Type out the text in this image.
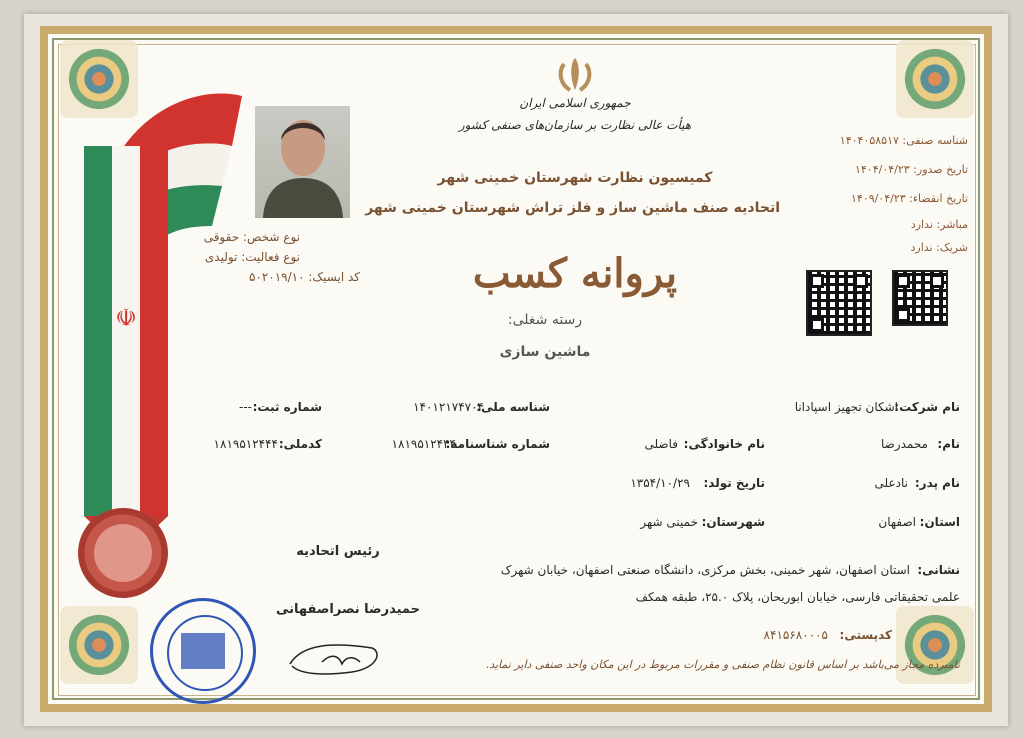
☫
جمهوری اسلامی ایران
هیأت عالی نظارت بر سازمان‌های صنفی کشور
کمیسیون نظارت شهرستان خمینی شهر
اتحادیه صنف ماشین ساز و فلز تراش شهرستان خمینی شهر
پروانه کسب
رسته شغلی:
ماشین سازی
شناسه صنفی: ۱۴۰۴۰۵۸۵۱۷
تاریخ صدور: ۱۴۰۴/۰۴/۲۳
تاریخ انقضاء: ۱۴۰۹/۰۴/۲۳
مباشر: ندارد
شریک: ندارد
نوع شخص: حقوقی
نوع فعالیت: تولیدی
کد ایسیک: ۵۰۲۰۱۹/۱۰
نام شرکت:
اشکان تجهیز اسپادانا
شناسه ملی:
۱۴۰۱۲۱۷۴۷۰۴
شماره ثبت:
---
نام:
محمدرضا
نام خانوادگی:
فاضلی
شماره شناسنامه:
۱۸۱۹۵۱۲۴۴۴
کدملی:
۱۸۱۹۵۱۲۴۴۴
نام پدر:
نادعلی
تاریخ تولد:
۱۳۵۴/۱۰/۲۹
استان:
اصفهان
شهرستان:
خمینی شهر
نشانی:
استان اصفهان، شهر خمینی، بخش مرکزی، دانشگاه صنعتی اصفهان، خیابان شهرک
علمی تحقیقاتی فارسی، خیابان ابوریحان، پلاک ۲۵.۰، طبقه همکف
کدپستی:
۸۴۱۵۶۸۰۰۰۵
رئیس اتحادیه
حمیدرضا نصراصفهانی
نامبرده مجاز می‌باشد بر اساس قانون نظام صنفی و مقررات مربوط در این مکان واحد صنفی دایر نماید.
